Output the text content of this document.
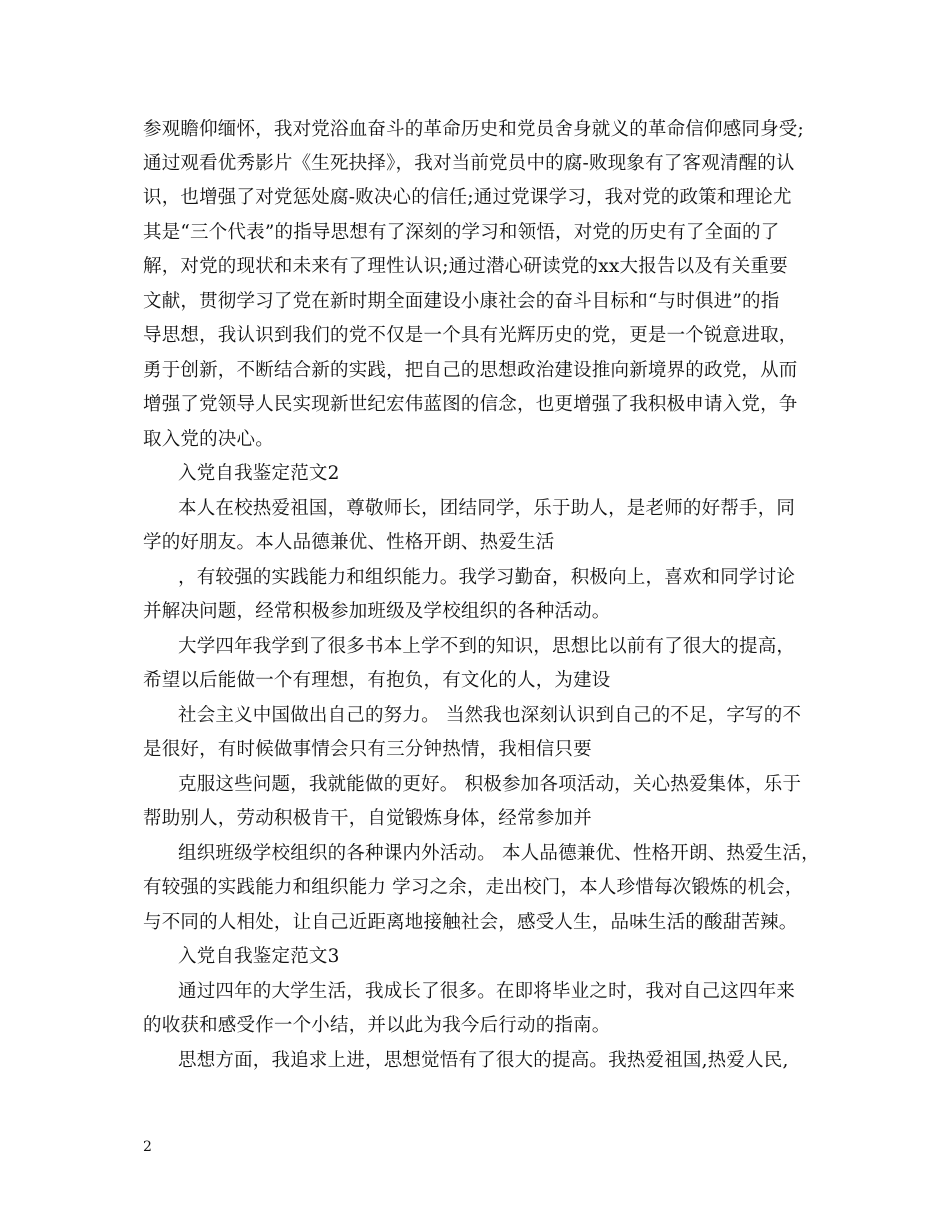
参观瞻仰缅怀，我对党浴血奋斗的革命历史和党员舍身就义的革命信仰感同身受;
通过观看优秀影片《生死抉择》，我对当前党员中的腐-败现象有了客观清醒的认
识，也增强了对党惩处腐-败决心的信任;通过党课学习，我对党的政策和理论尤
其是“三个代表”的指导思想有了深刻的学习和领悟，对党的历史有了全面的了
解，对党的现状和未来有了理性认识;通过潜心研读党的xx大报告以及有关重要
文献，贯彻学习了党在新时期全面建设小康社会的奋斗目标和“与时俱进”的指
导思想，我认识到我们的党不仅是一个具有光辉历史的党，更是一个锐意进取，
勇于创新，不断结合新的实践，把自己的思想政治建设推向新境界的政党，从而
增强了党领导人民实现新世纪宏伟蓝图的信念，也更增强了我积极申请入党，争
取入党的决心。
入党自我鉴定范文2
本人在校热爱祖国，尊敬师长，团结同学，乐于助人，是老师的好帮手，同
学的好朋友。本人品德兼优、性格开朗、热爱生活
，有较强的实践能力和组织能力。我学习勤奋，积极向上，喜欢和同学讨论
并解决问题，经常积极参加班级及学校组织的各种活动。
大学四年我学到了很多书本上学不到的知识，思想比以前有了很大的提高，
希望以后能做一个有理想，有抱负，有文化的人，为建设
社会主义中国做出自己的努力。 当然我也深刻认识到自己的不足，字写的不
是很好，有时候做事情会只有三分钟热情，我相信只要
克服这些问题，我就能做的更好。 积极参加各项活动，关心热爱集体，乐于
帮助别人，劳动积极肯干，自觉锻炼身体，经常参加并
组织班级学校组织的各种课内外活动。 本人品德兼优、性格开朗、热爱生活，
有较强的实践能力和组织能力 学习之余，走出校门，本人珍惜每次锻炼的机会，
与不同的人相处，让自己近距离地接触社会，感受人生，品味生活的酸甜苦辣。
入党自我鉴定范文3
通过四年的大学生活，我成长了很多。在即将毕业之时，我对自己这四年来
的收获和感受作一个小结，并以此为我今后行动的指南。
思想方面，我追求上进，思想觉悟有了很大的提高。我热爱祖国,热爱人民,
2
